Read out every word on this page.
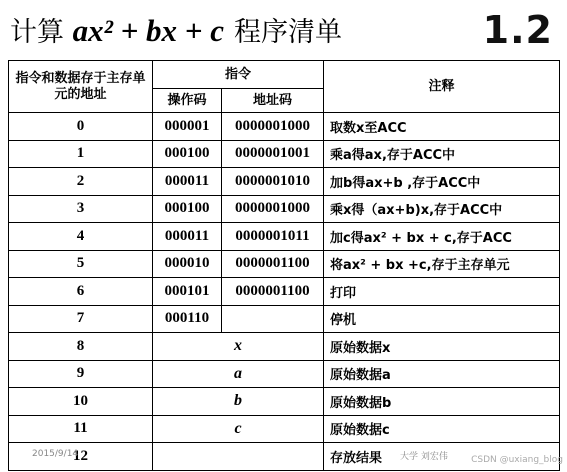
计算 ax² + bx + c 程序清单	1.2
指令和数据存于主存单元的地址	指令		注释
	操作码	地址码	
0	000001	0000001000	取数x至ACC
1	000100	0000001001	乘a得ax,存于ACC中
2	000011	0000001010	加b得ax+b ,存于ACC中
3	000100	0000001000	乘x得（ax+b)x,存于ACC中
4	000011	0000001011	加c得ax² + bx + c,存于ACC
5	000010	0000001100	将ax² + bx +c,存于主存单元
6	000101	0000001100	打印
7	000110		停机
8	x		原始数据x
9	a		原始数据a
10	b		原始数据b
11	c		原始数据c
12			存放结果
2015/9/14	大学 刘宏伟	CSDN @uxiang_blog
